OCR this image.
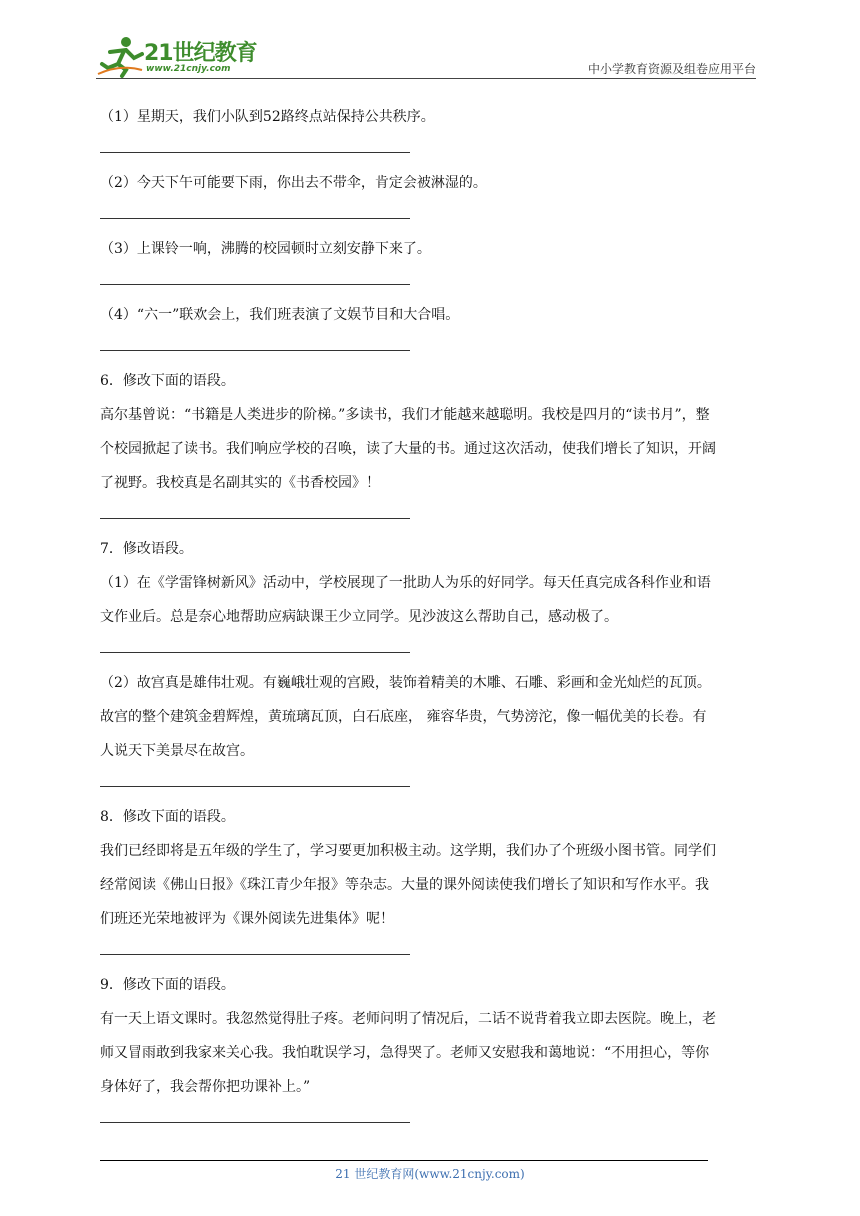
21世纪教育
www.21cnjy.com	中小学教育资源及组卷应用平台

（1）星期天，我们小队到52路终点站保持公共秩序。

（2）今天下午可能要下雨，你出去不带伞，肯定会被淋湿的。

（3）上课铃一响，沸腾的校园顿时立刻安静下来了。

（4）“六一”联欢会上，我们班表演了文娱节目和大合唱。

6．修改下面的语段。

高尔基曾说：“书籍是人类进步的阶梯。”多读书，我们才能越来越聪明。我校是四月的“读书月”，整

个校园掀起了读书。我们响应学校的召唤，读了大量的书。通过这次活动，使我们增长了知识，开阔

了视野。我校真是名副其实的《书香校园》！

7．修改语段。

（1）在《学雷锋树新风》活动中，学校展现了一批助人为乐的好同学。每天任真完成各科作业和语

文作业后。总是奈心地帮助应病缺课王少立同学。见沙波这么帮助自己，感动极了。

（2）故宫真是雄伟壮观。有巍峨壮观的宫殿，装饰着精美的木雕、石雕、彩画和金光灿烂的瓦顶。

故宫的整个建筑金碧辉煌，黄琉璃瓦顶，白石底座， 雍容华贵，气势滂沱，像一幅优美的长卷。有

人说天下美景尽在故宫。

8．修改下面的语段。

我们已经即将是五年级的学生了，学习要更加积极主动。这学期，我们办了个班级小图书管。同学们

经常阅读《佛山日报》《珠江青少年报》等杂志。大量的课外阅读使我们增长了知识和写作水平。我

们班还光荣地被评为《课外阅读先进集体》呢！

9．修改下面的语段。

有一天上语文课时。我忽然觉得肚子疼。老师问明了情况后，二话不说背着我立即去医院。晚上，老

师又冒雨敢到我家来关心我。我怕耽误学习，急得哭了。老师又安慰我和蔼地说：“不用担心，等你

身体好了，我会帮你把功课补上。”

21 世纪教育网(www.21cnjy.com)
